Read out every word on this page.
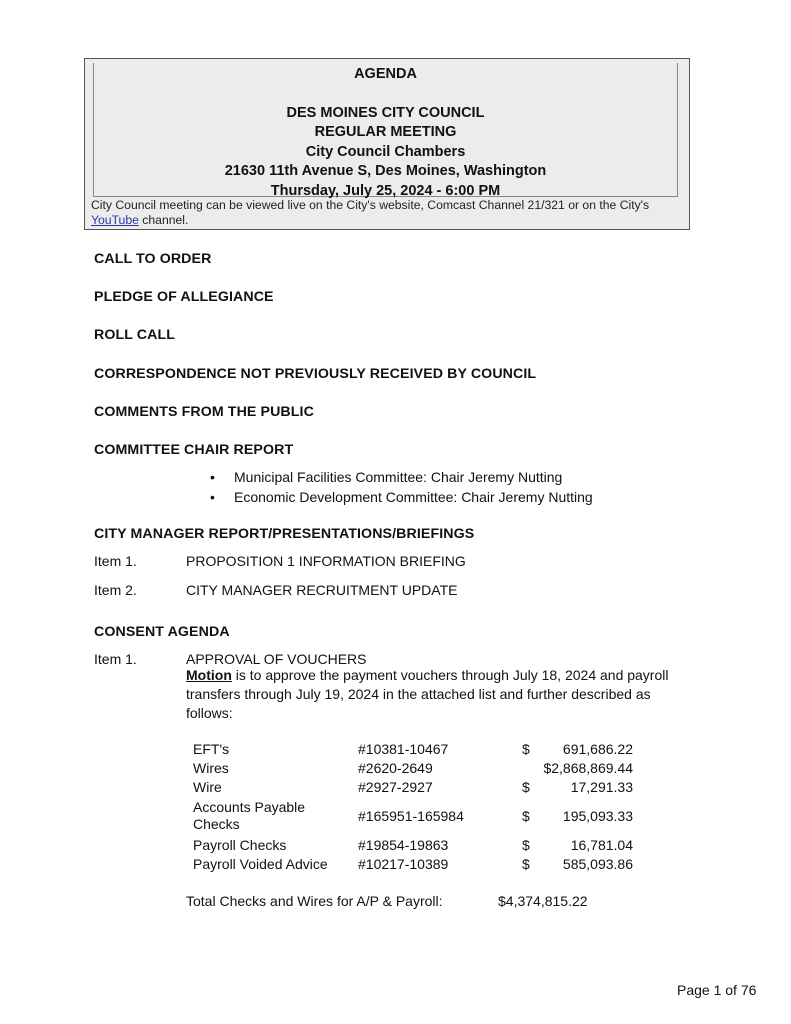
AGENDA
DES MOINES CITY COUNCIL
REGULAR MEETING
City Council Chambers
21630 11th Avenue S, Des Moines, Washington
Thursday, July 25, 2024 - 6:00 PM
City Council meeting can be viewed live on the City's website, Comcast Channel 21/321 or on the City's YouTube channel.
CALL TO ORDER
PLEDGE OF ALLEGIANCE
ROLL CALL
CORRESPONDENCE NOT PREVIOUSLY RECEIVED BY COUNCIL
COMMENTS FROM THE PUBLIC
COMMITTEE CHAIR REPORT
• Municipal Facilities Committee: Chair Jeremy Nutting
• Economic Development Committee: Chair Jeremy Nutting
CITY MANAGER REPORT/PRESENTATIONS/BRIEFINGS
Item 1.	PROPOSITION 1 INFORMATION BRIEFING
Item 2.	CITY MANAGER RECRUITMENT UPDATE
CONSENT AGENDA
Item 1.	APPROVAL OF VOUCHERS
Motion is to approve the payment vouchers through July 18, 2024 and payroll transfers through July 19, 2024 in the attached list and further described as follows:
EFT's	#10381-10467	$	691,686.22
Wires	#2620-2649	$2,868,869.44
Wire	#2927-2927	$	17,291.33
Accounts Payable Checks	#165951-165984	$	195,093.33
Payroll Checks	#19854-19863	$	16,781.04
Payroll Voided Advice #10217-10389	$	585,093.86
Total Checks and Wires for A/P & Payroll:	$4,374,815.22
Page 1 of 76
